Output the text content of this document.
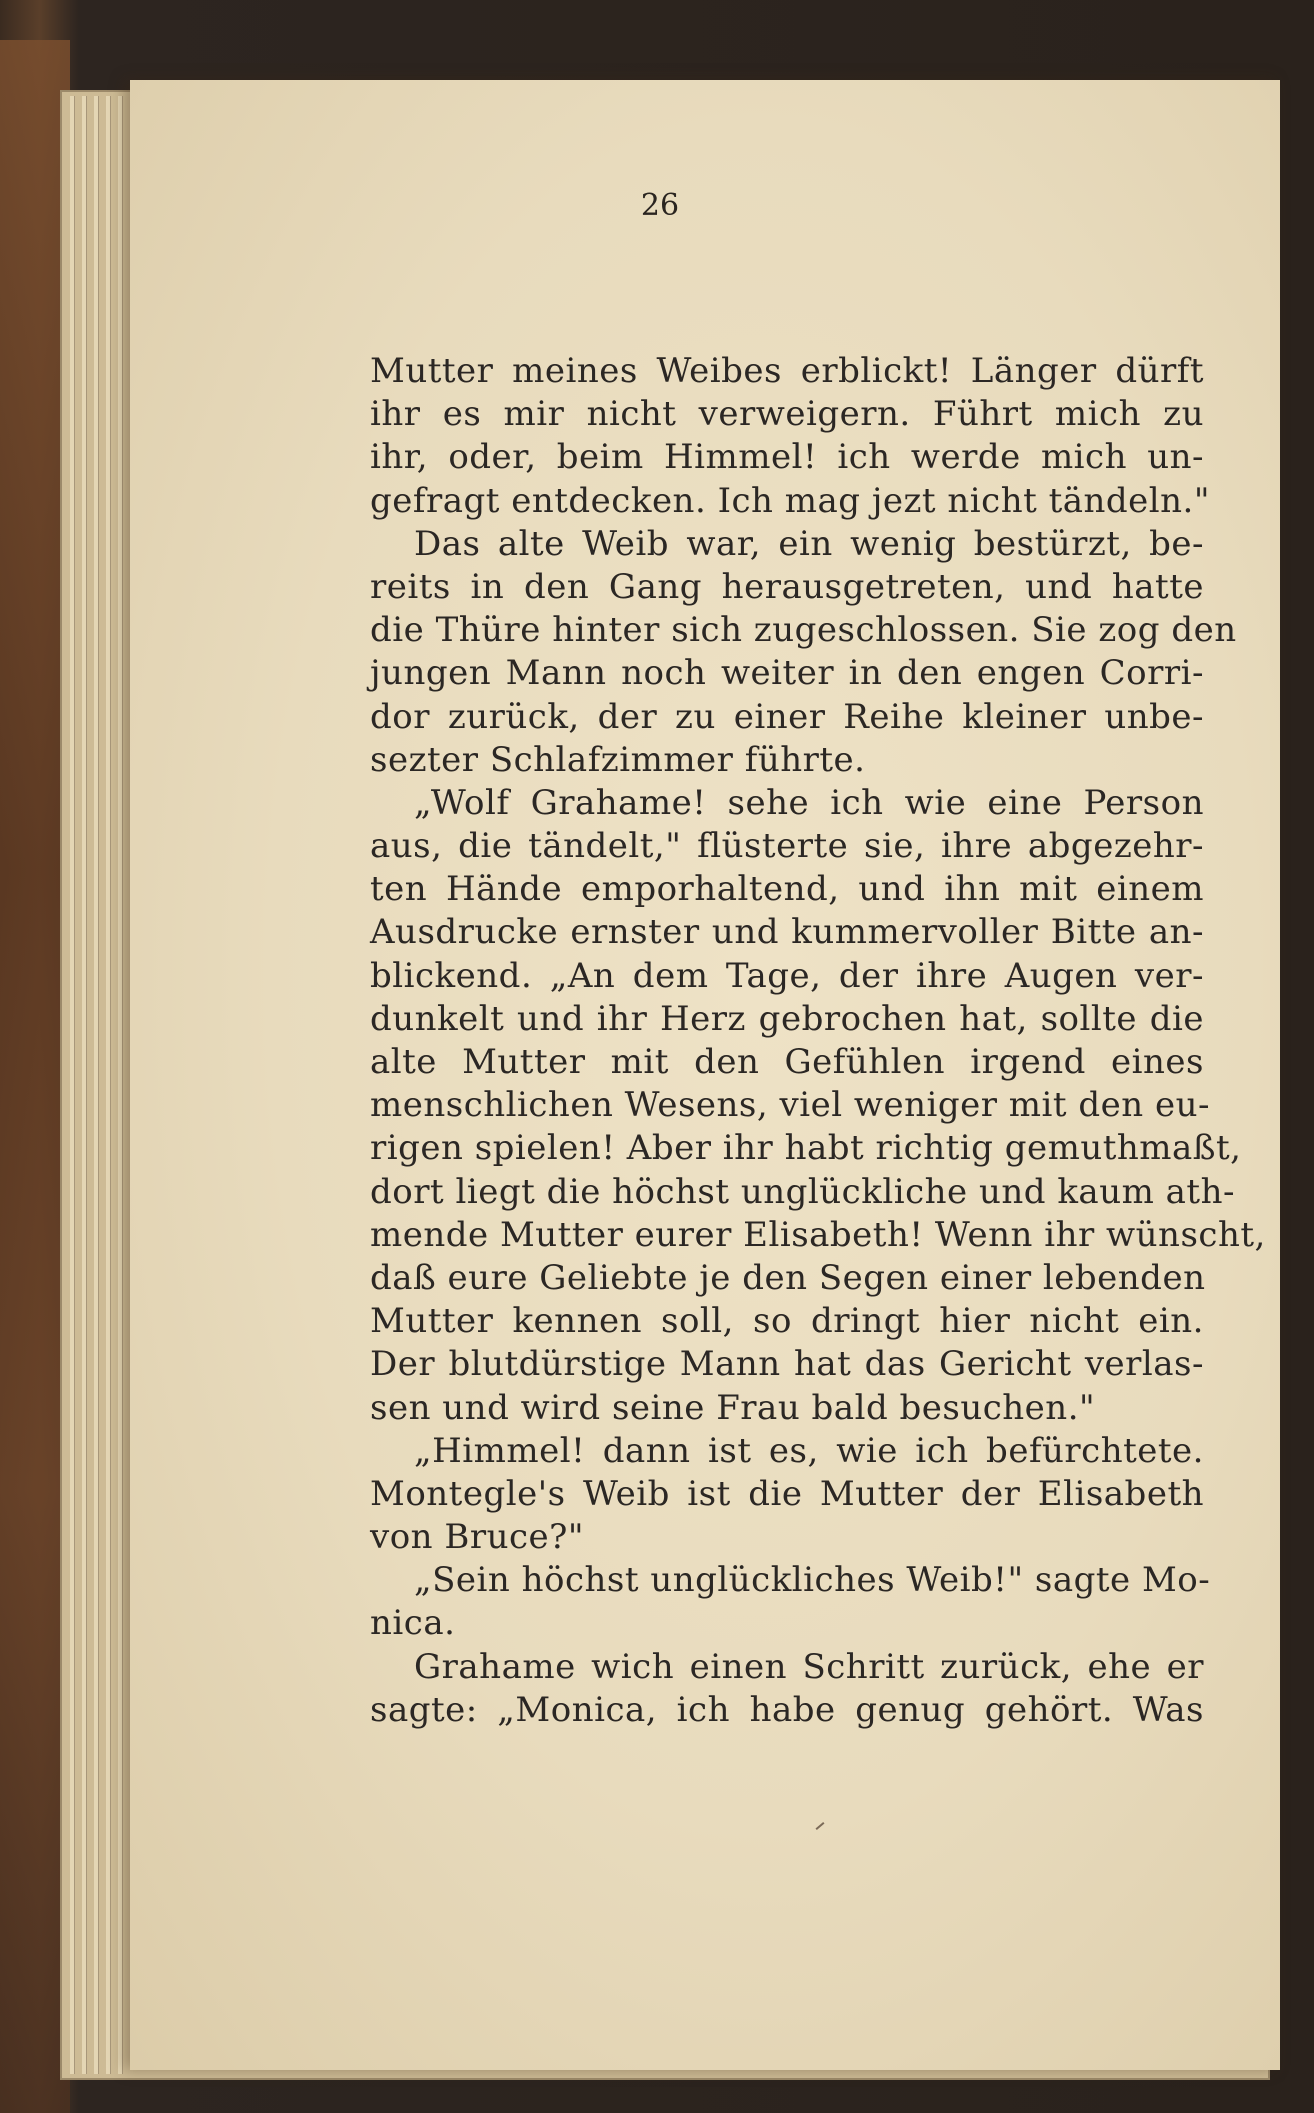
26
Mutter meines Weibes erblickt! Länger dürft
ihr es mir nicht verweigern. Führt mich zu
ihr, oder, beim Himmel! ich werde mich un-
gefragt entdecken. Ich mag jezt nicht tändeln."
Das alte Weib war, ein wenig bestürzt, be-
reits in den Gang herausgetreten, und hatte
die Thüre hinter sich zugeschlossen. Sie zog den
jungen Mann noch weiter in den engen Corri-
dor zurück, der zu einer Reihe kleiner unbe-
sezter Schlafzimmer führte.
„Wolf Grahame! sehe ich wie eine Person
aus, die tändelt," flüsterte sie, ihre abgezehr-
ten Hände emporhaltend, und ihn mit einem
Ausdrucke ernster und kummervoller Bitte an-
blickend. „An dem Tage, der ihre Augen ver-
dunkelt und ihr Herz gebrochen hat, sollte die
alte Mutter mit den Gefühlen irgend eines
menschlichen Wesens, viel weniger mit den eu-
rigen spielen! Aber ihr habt richtig gemuthmaßt,
dort liegt die höchst unglückliche und kaum ath-
mende Mutter eurer Elisabeth! Wenn ihr wünscht,
daß eure Geliebte je den Segen einer lebenden
Mutter kennen soll, so dringt hier nicht ein.
Der blutdürstige Mann hat das Gericht verlas-
sen und wird seine Frau bald besuchen."
„Himmel! dann ist es, wie ich befürchtete.
Montegle's Weib ist die Mutter der Elisabeth
von Bruce?"
„Sein höchst unglückliches Weib!" sagte Mo-
nica.
Grahame wich einen Schritt zurück, ehe er
sagte: „Monica, ich habe genug gehört. Was
